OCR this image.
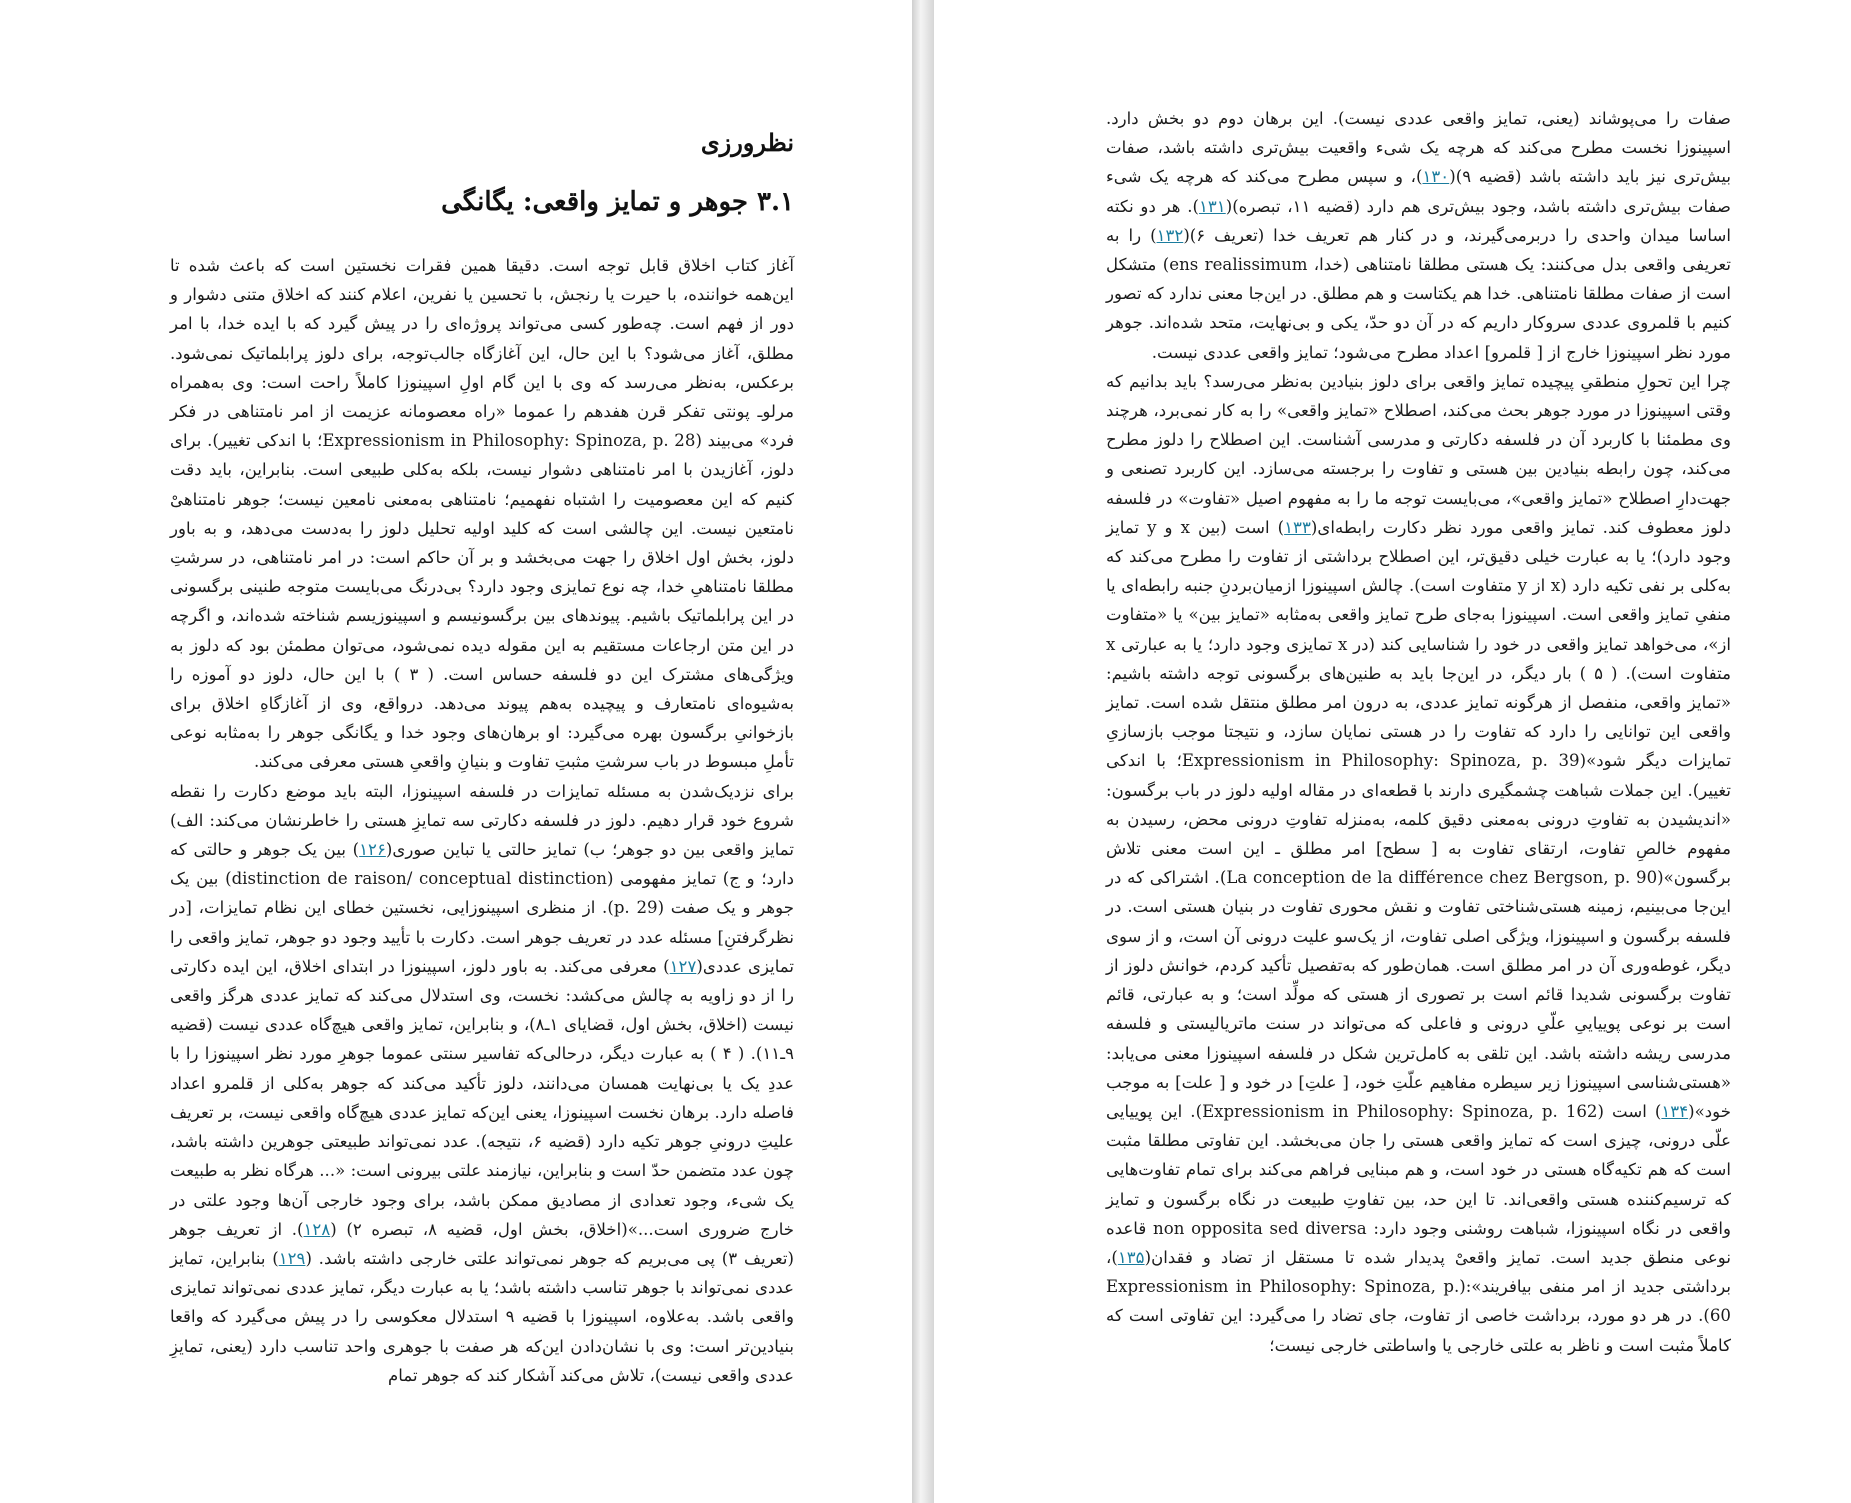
نظرورزی
۳.۱ جوهر و تمایز واقعی: یگانگی

آغاز کتاب اخلاق قابل توجه است. دقیقا همین فقرات نخستین است که باعث شده تا این‌همه خواننده، با حیرت یا رنجش، با تحسین یا نفرین، اعلام کنند که اخلاق متنی دشوار و دور از فهم است. چه‌طور کسی می‌تواند پروژه‌ای را در پیش گیرد که با ایده خدا، با امر مطلق، آغاز می‌شود؟ با این حال، این آغازگاه جالب‌توجه، برای دلوز پرابلماتیک نمی‌شود. برعکس، به‌نظر می‌رسد که وی با این گام اولِ اسپینوزا کاملاً راحت است: وی به‌همراه مرلو‌ـ پونتی تفکر قرن هفدهم را عموما «راه معصومانه عزیمت از امر نامتناهی در فکر فرد» می‌بیند (Expressionism in Philosophy: Spinoza, p. 28؛ با اندکی تغییر). برای دلوز، آغازیدن با امر نامتناهی دشوار نیست، بلکه به‌کلی طبیعی است. بنابراین، باید دقت کنیم که این معصومیت را اشتباه نفهمیم؛ نامتناهی به‌معنی نامعین نیست؛ جوهر نامتناهیْ نامتعین نیست. این چالشی است که کلید اولیه تحلیل دلوز را به‌دست می‌دهد، و به باور دلوز، بخش اول اخلاق را جهت می‌بخشد و بر آن حاکم است: در امر نامتناهی، در سرشتِ مطلقا نامتناهیِ خدا، چه نوع تمایزی وجود دارد؟ بی‌درنگ می‌بایست متوجه طنینی برگسونی در این پرابلماتیک باشیم. پیوندهای بین برگسونیسم و اسپینوزیسم شناخته شده‌اند، و اگرچه در این متن ارجاعات مستقیم به این مقوله دیده نمی‌شود، می‌توان مطمئن بود که دلوز به ویژگی‌های مشترک این دو فلسفه حساس است. ( ۳ ) با این حال، دلوز دو آموزه را به‌شیوه‌ای نامتعارف و پیچیده به‌هم پیوند می‌دهد. درواقع، وی از آغازگاهِ اخلاق برای بازخوانیِ برگسون بهره می‌گیرد: او برهان‌های وجود خدا و یگانگی جوهر را به‌مثابه نوعی تأملِ مبسوط در باب سرشتِ مثبتِ تفاوت و بنیانِ واقعیِ هستی معرفی می‌کند.

برای نزدیک‌شدن به مسئله تمایزات در فلسفه اسپینوزا، البته باید موضع دکارت را نقطه شروع خود قرار دهیم. دلوز در فلسفه دکارتی سه تمایزِ هستی را خاطرنشان می‌کند: الف) تمایز واقعی بین دو جوهر؛ ب) تمایز حالتی یا تباین صوری(۱۲۶) بین یک جوهر و حالتی که دارد؛ و ج) تمایز مفهومی (distinction de raison/ conceptual distinction) بین یک جوهر و یک صفت (p. 29). از منظری اسپینوزایی، نخستین خطای این نظام تمایزات، [در نظرگرفتنِ] مسئله عدد در تعریف جوهر است. دکارت با تأیید وجود دو جوهر، تمایز واقعی را تمایزی عددی(۱۲۷) معرفی می‌کند. به باور دلوز، اسپینوزا در ابتدای اخلاق، این ایده دکارتی را از دو زاویه به چالش می‌کشد: نخست، وی استدلال می‌کند که تمایز عددی هرگز واقعی نیست (اخلاق، بخش اول، قضایای ۱ـ۸)، و بنابراین، تمایز واقعی هیچ‌گاه عددی نیست (قضیه ۹ـ۱۱). ( ۴ ) به عبارت دیگر، درحالی‌که تفاسیر سنتی عموما جوهرِ مورد نظر اسپینوزا را با عددِ یک یا بی‌نهایت همسان می‌دانند، دلوز تأکید می‌کند که جوهر به‌کلی از قلمرو اعداد فاصله دارد. برهان نخست اسپینوزا، یعنی این‌که تمایز عددی هیچ‌گاه واقعی نیست، بر تعریف علیتِ درونیِ جوهر تکیه دارد (قضیه ۶، نتیجه). عدد نمی‌تواند طبیعتی جوهرین داشته باشد، چون عدد متضمن حدّ است و بنابراین، نیازمند علتی بیرونی است: «... هرگاه نظر به طبیعت یک شیء، وجود تعدادی از مصادیق ممکن باشد، برای وجود خارجی آن‌ها وجود علتی در خارج ضروری است...»(اخلاق، بخش اول، قضیه ۸، تبصره ۲) (۱۲۸). از تعریف جوهر (تعریف ۳) پی می‌بریم که جوهر نمی‌تواند علتی خارجی داشته باشد. (۱۲۹) بنابراین، تمایز عددی نمی‌تواند با جوهر تناسب داشته باشد؛ یا به عبارت دیگر، تمایز عددی نمی‌تواند تمایزی واقعی باشد. به‌علاوه، اسپینوزا با قضیه ۹ استدلال معکوسی را در پیش می‌گیرد که واقعا بنیادین‌تر است: وی با نشان‌دادن این‌که هر صفت با جوهری واحد تناسب دارد (یعنی، تمایزِ عددی واقعی نیست)، تلاش می‌کند آشکار کند که جوهر تمام

صفات را می‌پوشاند (یعنی، تمایز واقعی عددی نیست). این برهان دوم دو بخش دارد. اسپینوزا نخست مطرح می‌کند که هرچه یک شیء واقعیت بیش‌تری داشته باشد، صفات بیش‌تری نیز باید داشته باشد (قضیه ۹)(۱۳۰)، و سپس مطرح می‌کند که هرچه یک شیء صفات بیش‌تری داشته باشد، وجود بیش‌تری هم دارد (قضیه ۱۱، تبصره)(۱۳۱). هر دو نکته اساسا میدان واحدی را دربرمی‌گیرند، و در کنار هم تعریف خدا (تعریف ۶)(۱۳۲) را به تعریفی واقعی بدل می‌کنند: یک هستی مطلقا نامتناهی (خدا، ens realissimum) متشکل است از صفات مطلقا نامتناهی. خدا هم یکتاست و هم مطلق. در این‌جا معنی ندارد که تصور کنیم با قلمروی عددی سروکار داریم که در آن دو حدّ، یکی و بی‌نهایت، متحد شده‌اند. جوهر مورد نظر اسپینوزا خارج از [ قلمرو] اعداد مطرح می‌شود؛ تمایز واقعی عددی نیست.

چرا این تحولِ منطقیِ پیچیده تمایز واقعی برای دلوز بنیادین به‌نظر می‌رسد؟ باید بدانیم که وقتی اسپینوزا در مورد جوهر بحث می‌کند، اصطلاح «تمایز واقعی» را به کار نمی‌برد، هرچند وی مطمئنا با کاربرد آن در فلسفه دکارتی و مدرسی آشناست. این اصطلاح را دلوز مطرح می‌کند، چون رابطه بنیادین بین هستی و تفاوت را برجسته می‌سازد. این کاربرد تصنعی و جهت‌دارِ اصطلاح «تمایز واقعی»، می‌بایست توجه ما را به مفهوم اصیل «تفاوت» در فلسفه دلوز معطوف کند. تمایز واقعی مورد نظر دکارت رابطه‌ای(۱۳۳) است (بین x و y تمایز وجود دارد)؛ یا به عبارت خیلی دقیق‌تر، این اصطلاح برداشتی از تفاوت را مطرح می‌کند که به‌کلی بر نفی تکیه دارد (x از y متفاوت است). چالش اسپینوزا ازمیان‌بردنِ جنبه رابطه‌ای یا منفیِ تمایز واقعی است. اسپینوزا به‌جای طرح تمایز واقعی به‌مثابه «تمایز بین» یا «متفاوت از»، می‌خواهد تمایز واقعی در خود را شناسایی کند (در x تمایزی وجود دارد؛ یا به عبارتی x متفاوت است). ( ۵ ) بار دیگر، در این‌جا باید به طنین‌های برگسونی توجه داشته باشیم: «تمایز واقعی، منفصل از هرگونه تمایز عددی، به درون امر مطلق منتقل شده است. تمایز واقعی این توانایی را دارد که تفاوت را در هستی نمایان سازد، و نتیجتا موجب بازسازیِ تمایزات دیگر شود»(Expressionism in Philosophy: Spinoza, p. 39؛ با اندکی تغییر). این جملات شباهت چشمگیری دارند با قطعه‌ای در مقاله اولیه دلوز در باب برگسون: «اندیشیدن به تفاوتِ درونی به‌معنی دقیق کلمه، به‌منزله تفاوتِ درونی محض، رسیدن به مفهوم خالصِ تفاوت، ارتقای تفاوت به [ سطح] امر مطلق ـ این است معنی تلاش برگسون»(La conception de la différence chez Bergson, p. 90). اشتراکی که در این‌جا می‌بینیم، زمینه هستی‌شناختی تفاوت و نقش محوری تفاوت در بنیان هستی است. در فلسفه برگسون و اسپینوزا، ویژگی اصلی تفاوت، از یک‌سو علیت درونی آن است، و از سوی دیگر، غوطه‌وری آن در امر مطلق است. همان‌طور که به‌تفصیل تأکید کردم، خوانش دلوز از تفاوت برگسونی شدیدا قائم است بر تصوری از هستی که مولِّد است؛ و به عبارتی، قائم است بر نوعی پوییاییِ علّیِ درونی و فاعلی که می‌تواند در سنت ماتریالیستی و فلسفه مدرسی ریشه داشته باشد. این تلقی به کامل‌ترین شکل در فلسفه اسپینوزا معنی می‌یابد: «هستی‌شناسی اسپینوزا زیر سیطره مفاهیم علّتِ خود، [ علتِ] در خود و [ علت] به موجب خود»(۱۳۴) است (Expressionism in Philosophy: Spinoza, p. 162). این پوییایی علّی درونی، چیزی است که تمایز واقعی هستی را جان می‌بخشد. این تفاوتی مطلقا مثبت است که هم تکیه‌گاه هستی در خود است، و هم مبنایی فراهم می‌کند برای تمام تفاوت‌هایی که ترسیم‌کننده هستی واقعی‌اند. تا این حد، بین تفاوتِ طبیعت در نگاه برگسون و تمایز واقعی در نگاه اسپینوزا، شباهت روشنی وجود دارد: non opposita sed diversa قاعده نوعی منطق جدید است. تمایز واقعیْ پدیدار شده تا مستقل از تضاد و فقدان(۱۳۵)، برداشتی جدید از امر منفی بیافریند»:(Expressionism in Philosophy: Spinoza, p. 60). در هر دو مورد، برداشت خاصی از تفاوت، جای تضاد را می‌گیرد: این تفاوتی است که کاملاً مثبت است و ناظر به علتی خارجی یا واساطتی خارجی نیست؛
